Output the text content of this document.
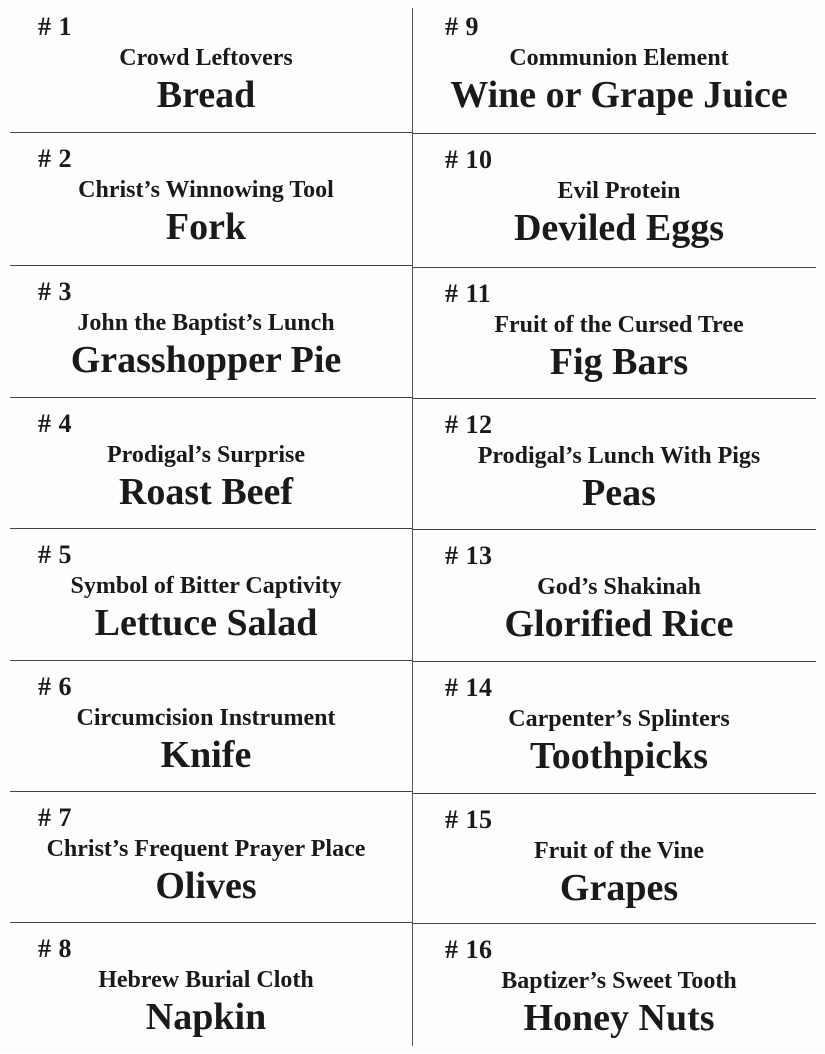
# 1
Crowd Leftovers
Bread
# 2
Christ’s Winnowing Tool
Fork
# 3
John the Baptist’s Lunch
Grasshopper Pie
# 4
Prodigal’s Surprise
Roast Beef
# 5
Symbol of Bitter Captivity
Lettuce Salad
# 6
Circumcision Instrument
Knife
# 7
Christ’s Frequent Prayer Place
Olives
# 8
Hebrew Burial Cloth
Napkin
# 9
Communion Element
Wine or Grape Juice
# 10
Evil Protein
Deviled Eggs
# 11
Fruit of the Cursed Tree
Fig Bars
# 12
Prodigal’s Lunch With Pigs
Peas
# 13
God’s Shakinah
Glorified Rice
# 14
Carpenter’s Splinters
Toothpicks
# 15
Fruit of the Vine
Grapes
# 16
Baptizer’s Sweet Tooth
Honey Nuts
